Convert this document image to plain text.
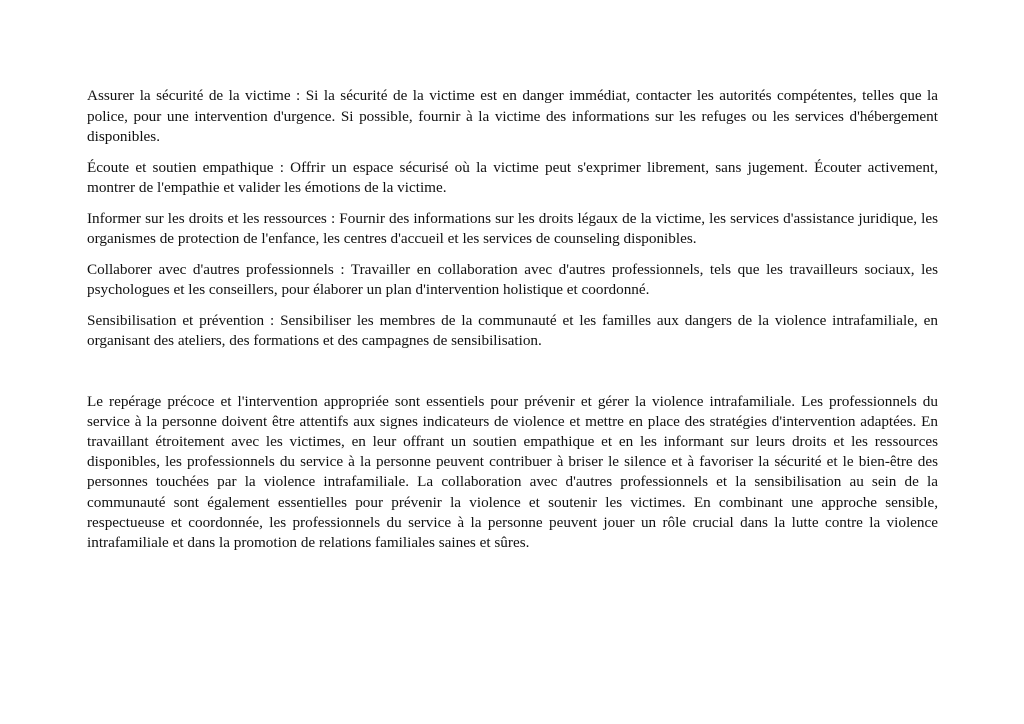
Assurer la sécurité de la victime : Si la sécurité de la victime est en danger immédiat, contacter les autorités compétentes, telles que la police, pour une intervention d'urgence. Si possible, fournir à la victime des informations sur les refuges ou les services d'hébergement disponibles.

Écoute et soutien empathique : Offrir un espace sécurisé où la victime peut s'exprimer librement, sans jugement. Écouter activement, montrer de l'empathie et valider les émotions de la victime.

Informer sur les droits et les ressources : Fournir des informations sur les droits légaux de la victime, les services d'assistance juridique, les organismes de protection de l'enfance, les centres d'accueil et les services de counseling disponibles.

Collaborer avec d'autres professionnels : Travailler en collaboration avec d'autres professionnels, tels que les travailleurs sociaux, les psychologues et les conseillers, pour élaborer un plan d'intervention holistique et coordonné.

Sensibilisation et prévention : Sensibiliser les membres de la communauté et les familles aux dangers de la violence intrafamiliale, en organisant des ateliers, des formations et des campagnes de sensibilisation.

Le repérage précoce et l'intervention appropriée sont essentiels pour prévenir et gérer la violence intrafamiliale. Les professionnels du service à la personne doivent être attentifs aux signes indicateurs de violence et mettre en place des stratégies d'intervention adaptées. En travaillant étroitement avec les victimes, en leur offrant un soutien empathique et en les informant sur leurs droits et les ressources disponibles, les professionnels du service à la personne peuvent contribuer à briser le silence et à favoriser la sécurité et le bien-être des personnes touchées par la violence intrafamiliale. La collaboration avec d'autres professionnels et la sensibilisation au sein de la communauté sont également essentielles pour prévenir la violence et soutenir les victimes. En combinant une approche sensible, respectueuse et coordonnée, les professionnels du service à la personne peuvent jouer un rôle crucial dans la lutte contre la violence intrafamiliale et dans la promotion de relations familiales saines et sûres.
